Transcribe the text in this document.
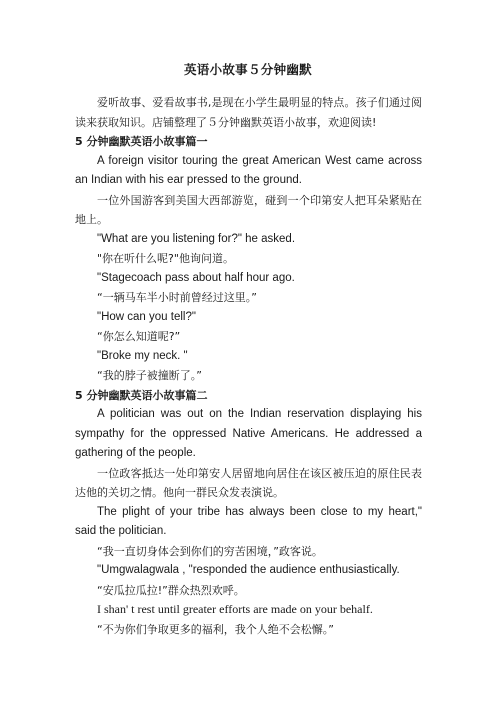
英语小故事５分钟幽默

爱听故事、爱看故事书,是现在小学生最明显的特点。孩子们通过阅读来获取知识。店铺整理了５分钟幽默英语小故事，欢迎阅读!

5 分钟幽默英语小故事篇一

A foreign visitor touring the great American West came across an Indian with his ear pressed to the ground.

一位外国游客到美国大西部游览，碰到一个印第安人把耳朵紧贴在地上。

"What are you listening for?" he asked.

"你在听什么呢?"他询问道。

"Stagecoach pass about half hour ago.

“一辆马车半小时前曾经过这里。”

"How can you tell?"

“你怎么知道呢?”

"Broke my neck. "

“我的脖子被撞断了。”

5 分钟幽默英语小故事篇二

A politician was out on the Indian reservation displaying his sympathy for the oppressed Native Americans. He addressed a gathering of the people.

一位政客抵达一处印第安人居留地向居住在该区被压迫的原住民表达他的关切之情。他向一群民众发表演说。

The plight of your tribe has always been close to my heart," said the politician.

“我一直切身体会到你们的穷苦困境，”政客说。

"Umgwalagwala , "responded the audience enthusiastically.

“安瓜拉瓜拉!”群众热烈欢呼。

I shan' t rest until greater efforts are made on your behalf.

“不为你们争取更多的福利，我个人绝不会松懈。”
